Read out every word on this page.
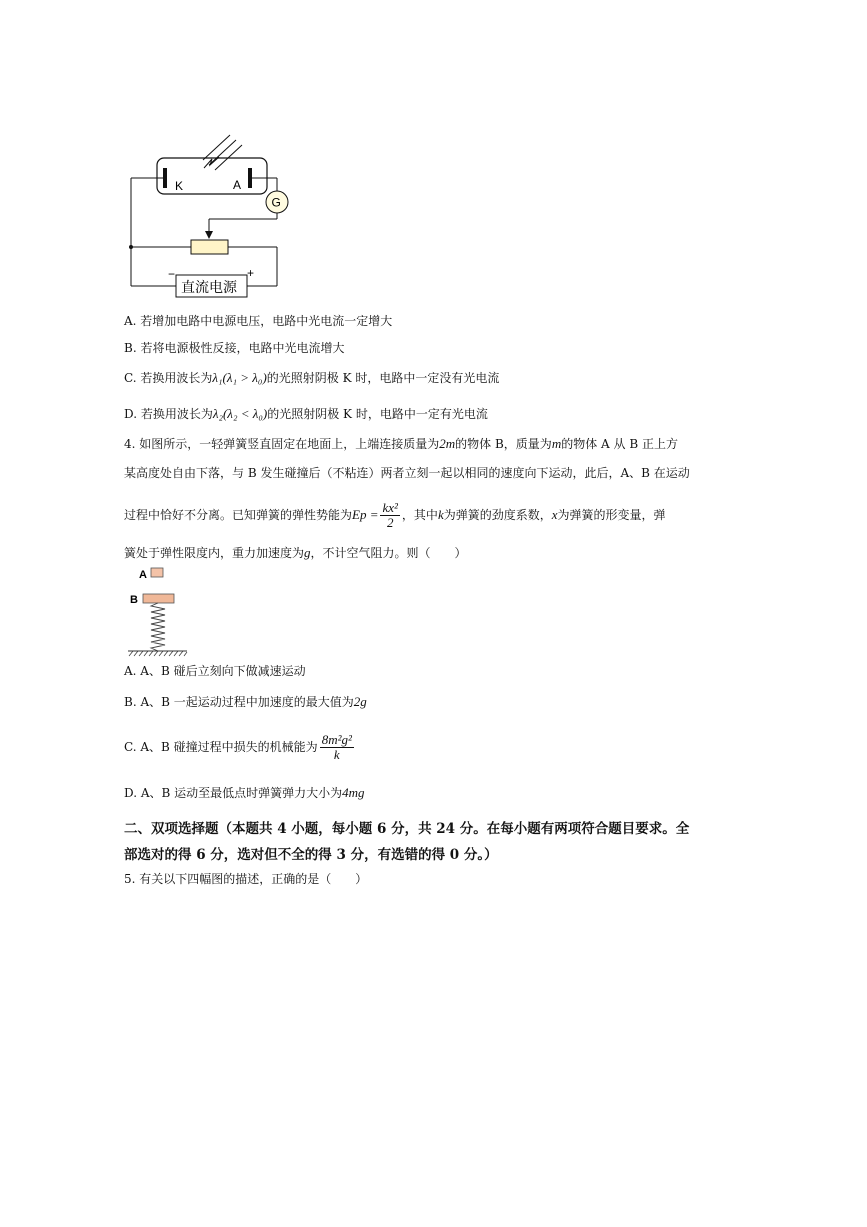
K	A
G
直流电源
−	+
A. 若增加电路中电源电压，电路中光电流一定增大
B. 若将电源极性反接，电路中光电流增大
C. 若换用波长为λ₁(λ₁ > λ₀)的光照射阴极 K 时，电路中一定没有光电流
D. 若换用波长为λ₂(λ₂ < λ₀)的光照射阴极 K 时，电路中一定有光电流
4. 如图所示，一轻弹簧竖直固定在地面上，上端连接质量为2m的物体 B，质量为m的物体 A 从 B 正上方
某高度处自由下落，与 B 发生碰撞后（不粘连）两者立刻一起以相同的速度向下运动，此后，A、B 在运动
过程中恰好不分离。已知弹簧的弹性势能为$Ep = \frac{\text{kx²}}{2}$ ，其中k为弹簧的劲度系数，x为弹簧的形变量，弹
簧处于弹性限度内，重力加速度为g，不计空气阻力。则（　　）
A
B
A. A、B 碰后立刻向下做减速运动
B. A、B 一起运动过程中加速度的最大值为2g
C. A、B 碰撞过程中损失的机械能为 $\frac{\text{8m²g²}}{k}$
D. A、B 运动至最低点时弹簧弹力大小为4mg
二、双项选择题（本题共 4 小题，每小题 6 分，共 24 分。在每小题有两项符合题目要求。全
部选对的得 6 分，选对但不全的得 3 分，有选错的得 0 分。）
5. 有关以下四幅图的描述，正确的是（　　）
